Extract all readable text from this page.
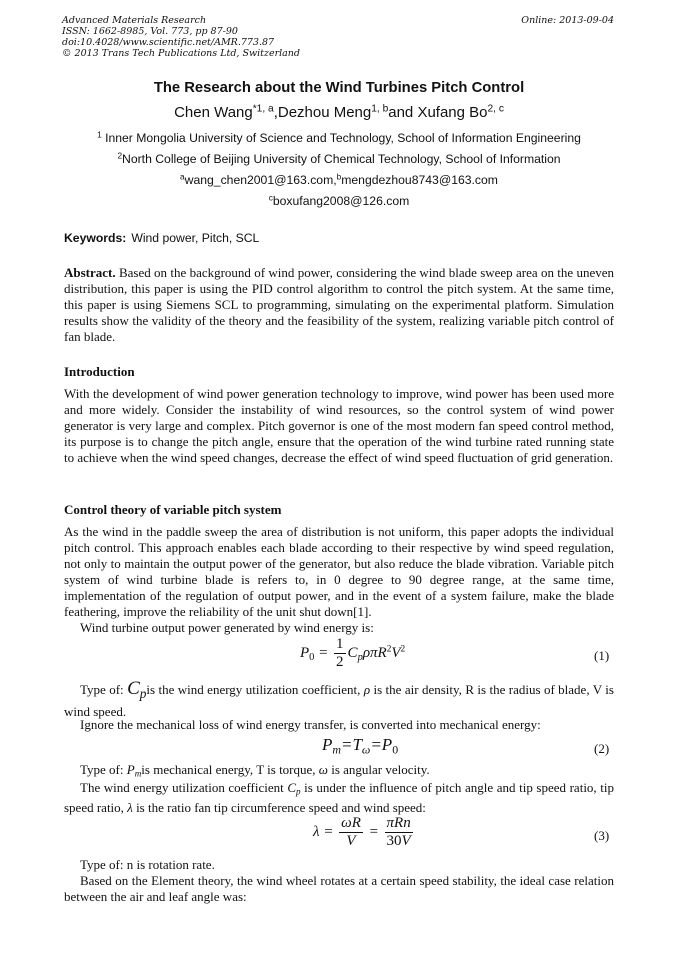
Advanced Materials Research
ISSN: 1662-8985, Vol. 773, pp 87-90
doi:10.4028/www.scientific.net/AMR.773.87
© 2013 Trans Tech Publications Ltd, Switzerland
Online: 2013-09-04
The Research about the Wind Turbines Pitch Control
Chen Wang$^{*1, a}$,Dezhou Meng$^{1, b}$and Xufang Bo$^{2, c}$
$^1$ Inner Mongolia University of Science and Technology, School of Information Engineering
$^2$North College of Beijing University of Chemical Technology, School of Information
$^a$wang_chen2001@163.com,$^b$mengdezhou8743@163.com
$^c$boxufang2008@126.com
Keywords: Wind power, Pitch, SCL
Abstract. Based on the background of wind power, considering the wind blade sweep area on the uneven distribution, this paper is using the PID control algorithm to control the pitch system. At the same time, this paper is using Siemens SCL to programming, simulating on the experimental platform. Simulation results show the validity of the theory and the feasibility of the system, realizing variable pitch control of fan blade.
Introduction
With the development of wind power generation technology to improve, wind power has been used more and more widely. Consider the instability of wind resources, so the control system of wind power generator is very large and complex. Pitch governor is one of the most modern fan speed control method, its purpose is to change the pitch angle, ensure that the operation of the wind turbine rated running state to achieve when the wind speed changes, decrease the effect of wind speed fluctuation of grid generation.
Control theory of variable pitch system
As the wind in the paddle sweep the area of distribution is not uniform, this paper adopts the individual pitch control. This approach enables each blade according to their respective by wind speed regulation, not only to maintain the output power of the generator, but also reduce the blade vibration. Variable pitch system of wind turbine blade is refers to, in 0 degree to 90 degree range, at the same time, implementation of the regulation of output power, and in the event of a system failure, make the blade feathering, improve the reliability of the unit shut down[1].
Wind turbine output power generated by wind energy is:
$P_0 = \frac{1}{2} C_p\rho\pi R^2V^2$	(1)
Type of: $C_pis$ the wind energy utilization coefficient, ρ is the air density, R is the radius of blade, V is wind speed.
Ignore the mechanical loss of wind energy transfer, is converted into mechanical energy:
$P_m=T_\omega=P_0$	(2)
Type of: $P_mis$ mechanical energy, T is torque, ω is angular velocity.
The wind energy utilization coefficient $C_p$ is under the influence of pitch angle and tip speed ratio, tip speed ratio, λ is the ratio fan tip circumference speed and wind speed:
$\lambda = \frac{\omega R}{V} = \frac{\text{πRn}}{30V}$	(3)
Type of: n is rotation rate.
Based on the Element theory, the wind wheel rotates at a certain speed stability, the ideal case relation between the air and leaf angle was:
